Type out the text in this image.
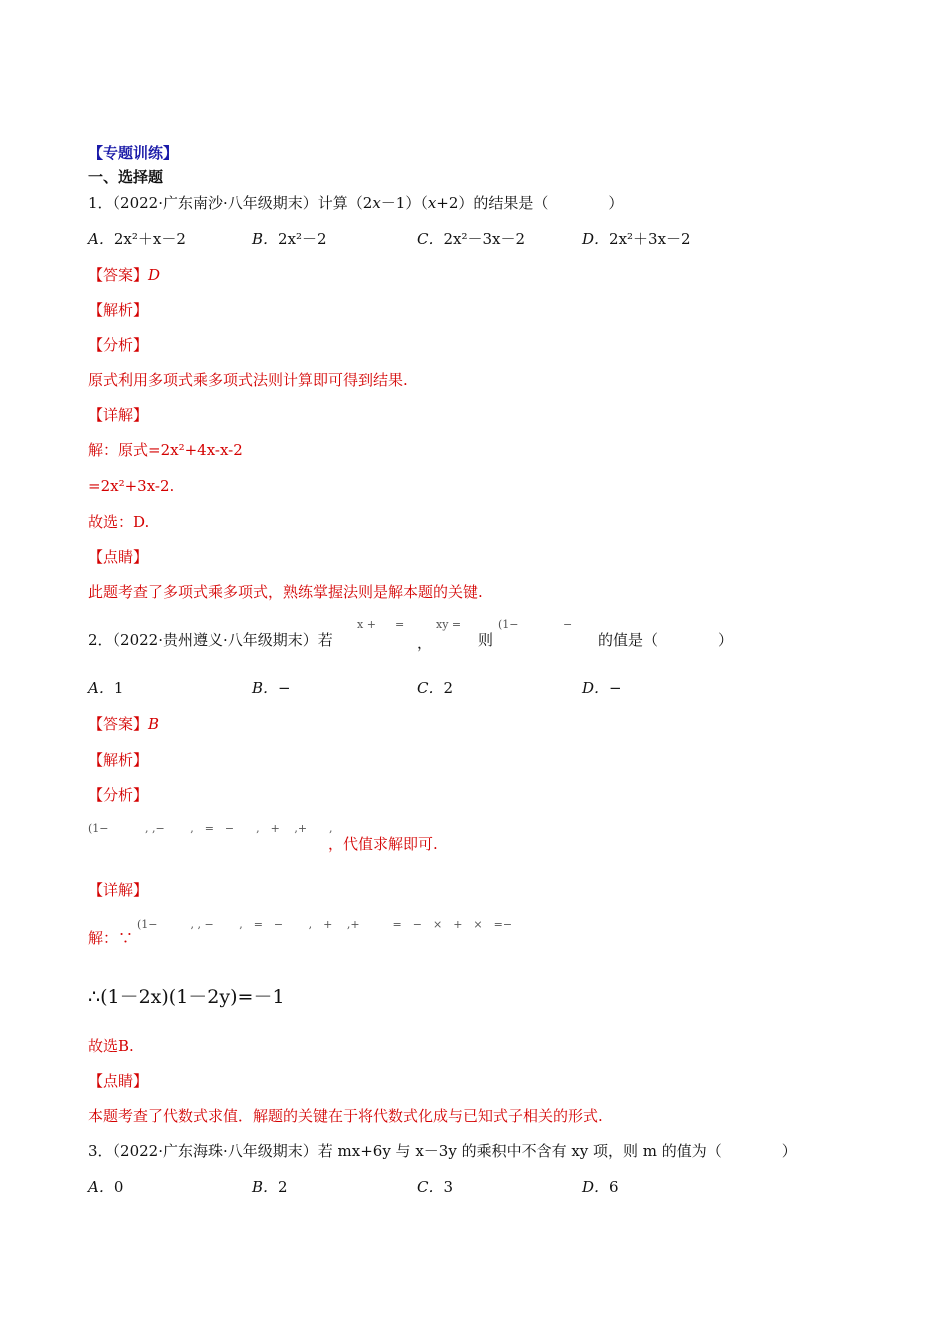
【专题训练】
一、选择题
1．（2022·广东南沙·八年级期末）计算（2x－1）（x+2）的结果是（　　　　）
A．2x²＋x－2	B．2x²－2	C．2x²－3x－2	D．2x²＋3x－2
【答案】D
【解析】
【分析】
原式利用多项式乘多项式法则计算即可得到结果.
【详解】
解：原式=2x²+4x-x-2
=2x²+3x-2.
故选：D.
【点睛】
此题考查了多项式乘多项式，熟练掌握法则是解本题的关键.
2．（2022·贵州遵义·八年级期末）若
x + =
，
xy =
则
(1−	−
的值是（　　　　）
A．1	B．−	C．2	D．−
【答案】B
【解析】
【分析】
(1−　　　 , ,−　　 ,　=　−　　,　+　 ,+　　,
，代值求解即可.
【详解】
解：∵
(1−　　　, , −　　 ,　=　−　　 ,　+　 ,+　　　=　−　×　+　×　=−
∴(1－2x)(1－2y)=－1
故选B.
【点睛】
本题考查了代数式求值．解题的关键在于将代数式化成与已知式子相关的形式.
3．（2022·广东海珠·八年级期末）若 mx+6y 与 x－3y 的乘积中不含有 xy 项，则 m 的值为（　　　　）
A．0	B．2	C．3	D．6
